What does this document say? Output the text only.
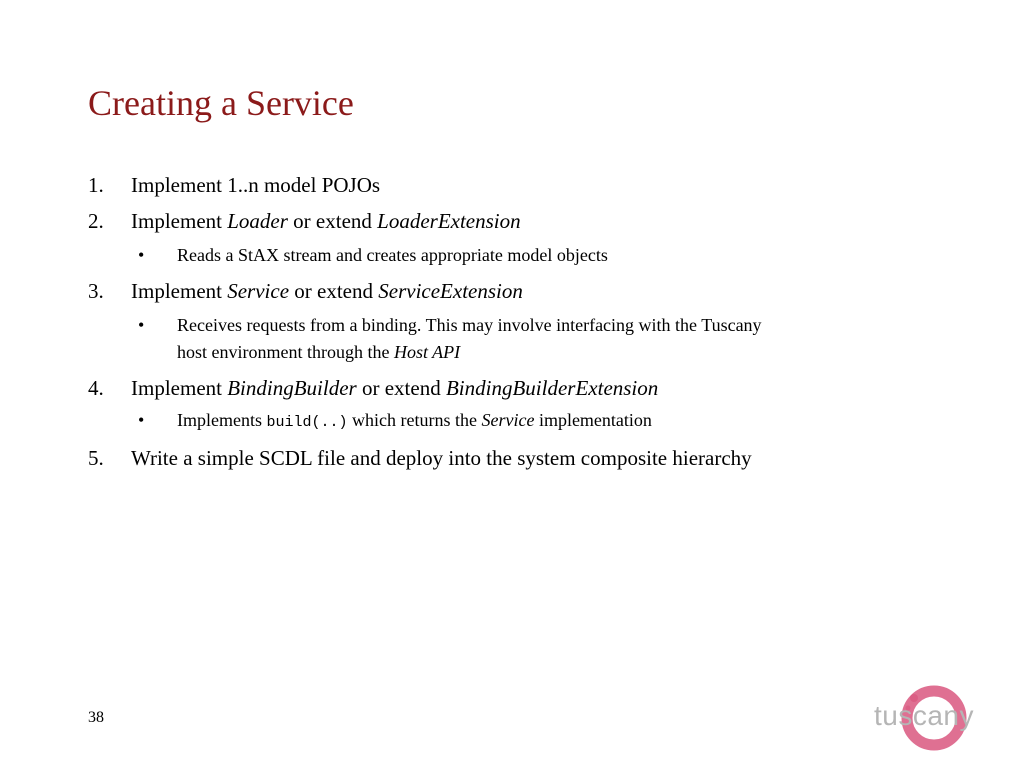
Creating a Service
1. Implement 1..n model POJOs
2. Implement Loader or extend LoaderExtension
• Reads a StAX stream and creates appropriate model objects
3. Implement Service or extend ServiceExtension
• Receives requests from a binding. This may involve interfacing with the Tuscany
host environment through the Host API
4. Implement BindingBuilder or extend BindingBuilderExtension
• Implements build(..) which returns the Service implementation
5. Write a simple SCDL file and deploy into the system composite hierarchy
38	tuscany
